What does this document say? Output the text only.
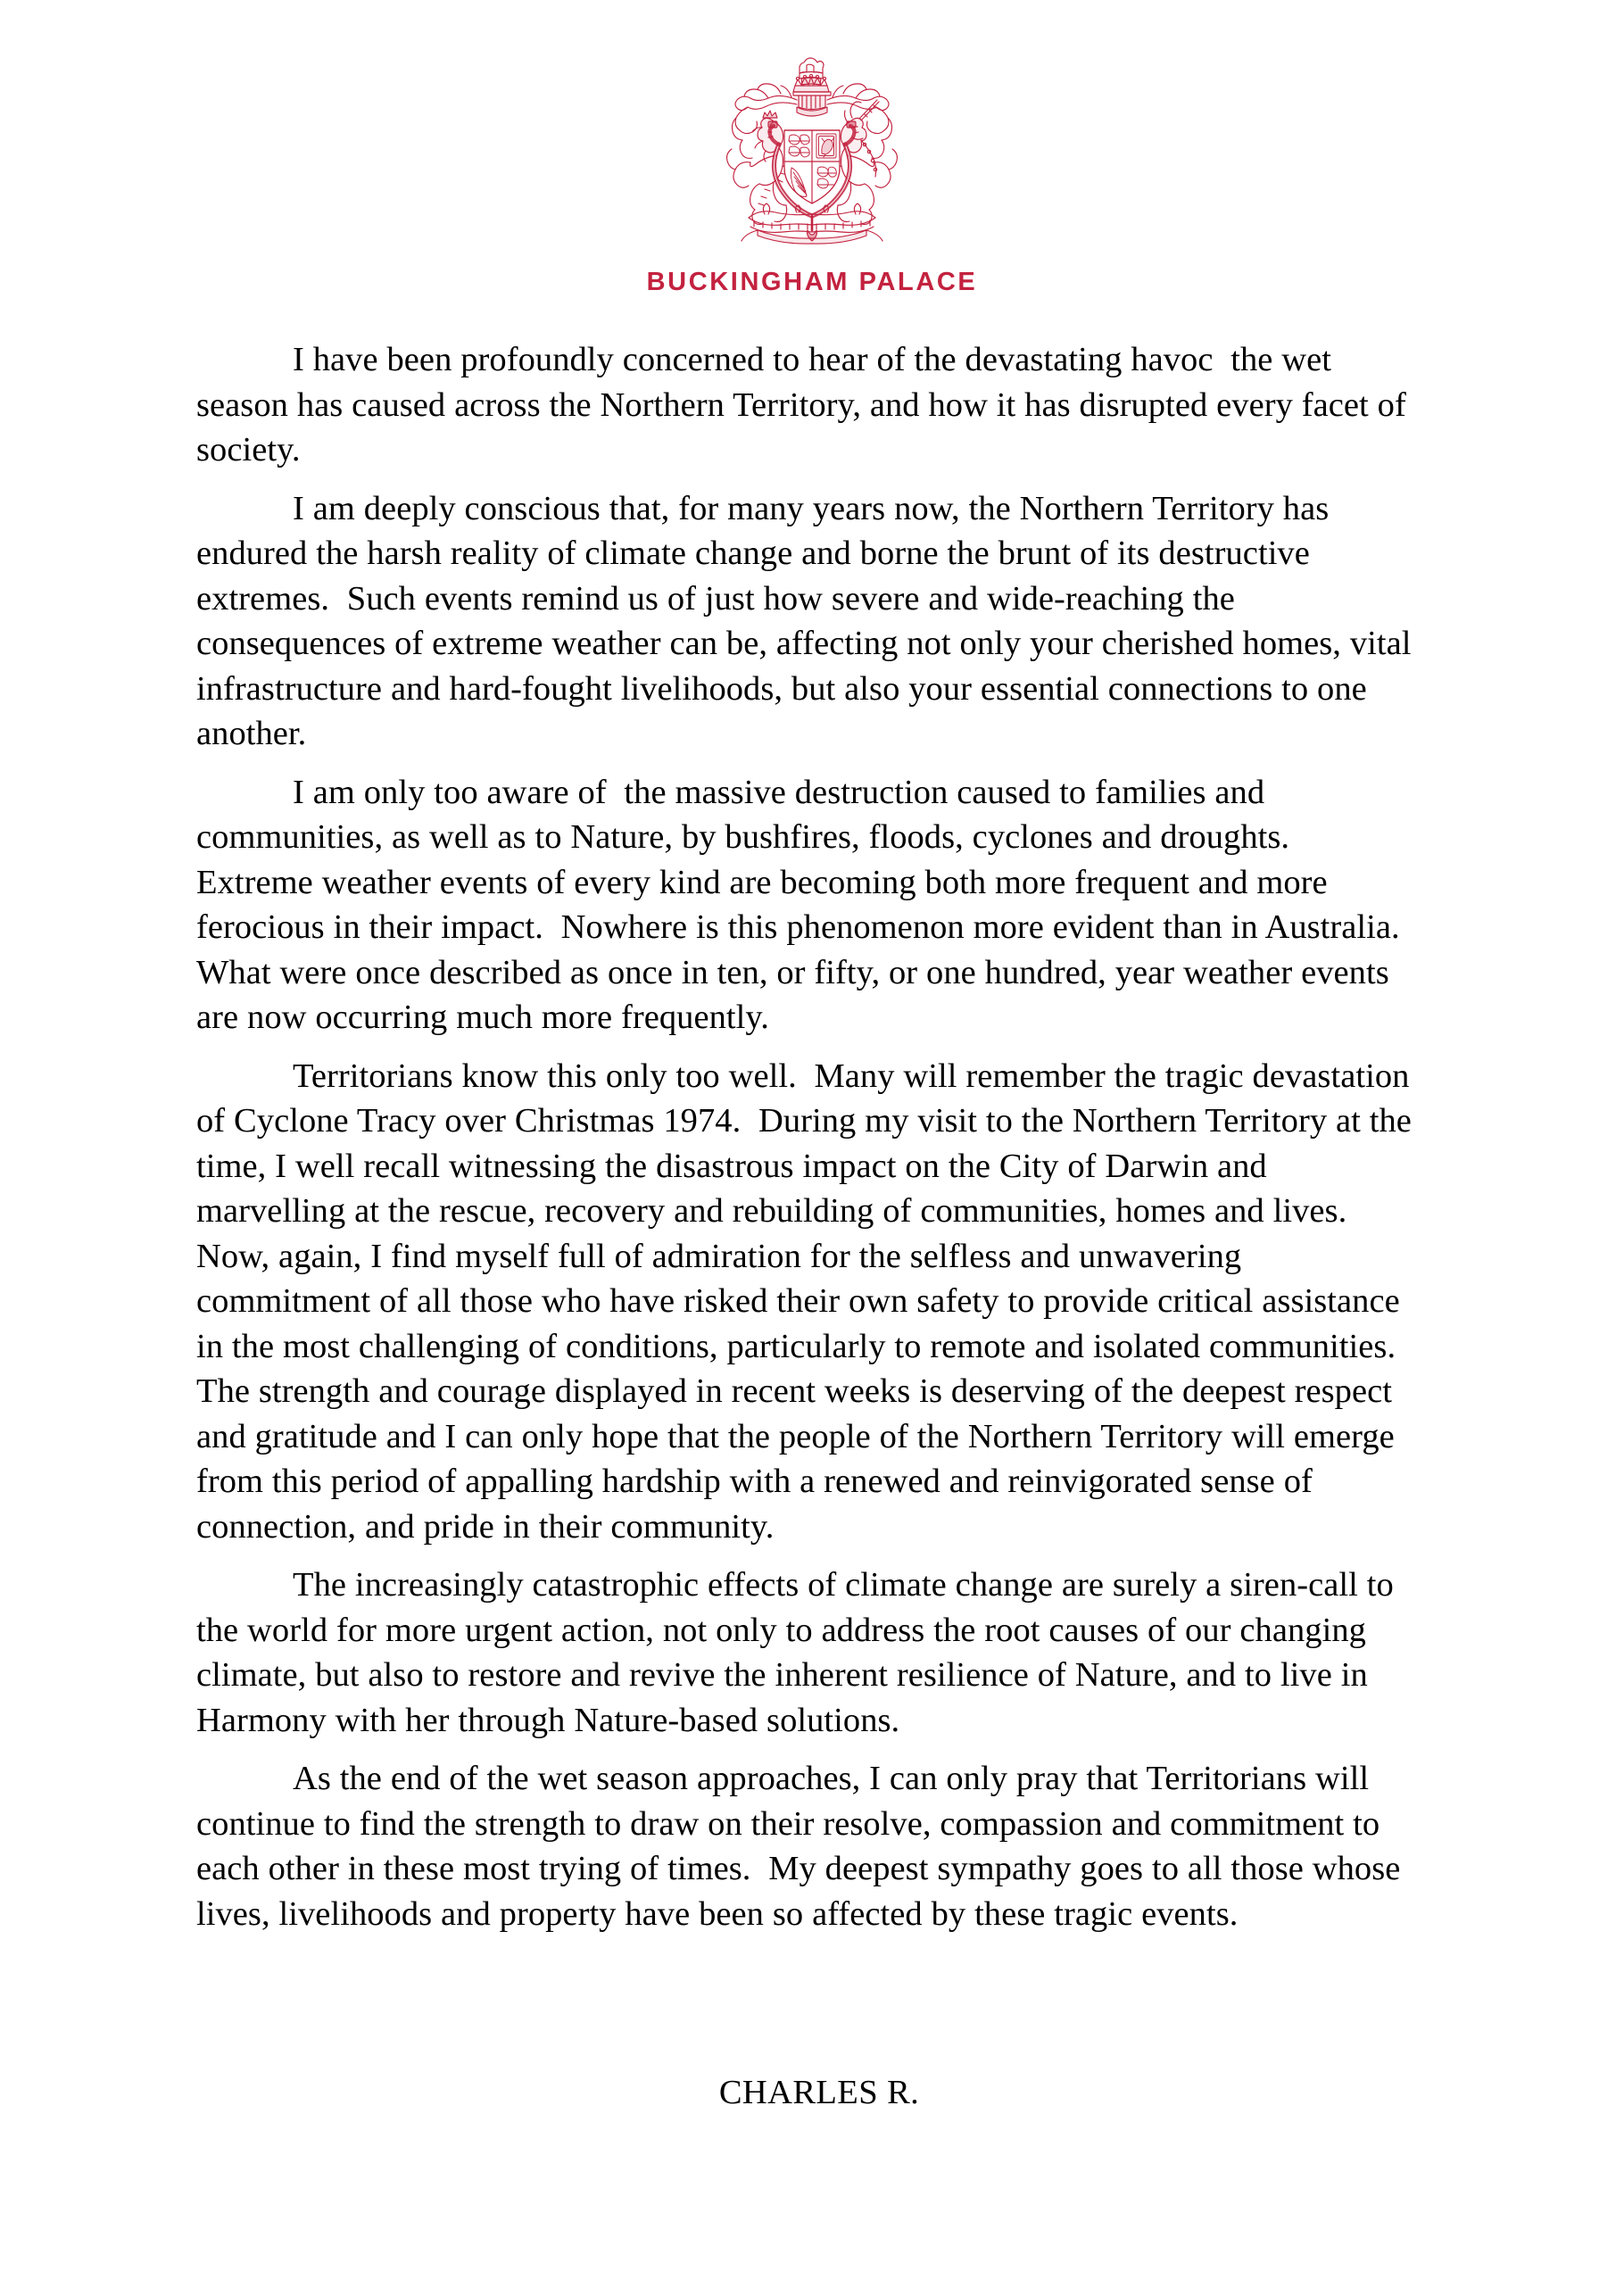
BUCKINGHAM PALACE

I have been profoundly concerned to hear of the devastating havoc  the wet season has caused across the Northern Territory, and how it has disrupted every facet of society.

I am deeply conscious that, for many years now, the Northern Territory has endured the harsh reality of climate change and borne the brunt of its destructive extremes.  Such events remind us of just how severe and wide-reaching the consequences of extreme weather can be, affecting not only your cherished homes, vital infrastructure and hard-fought livelihoods, but also your essential connections to one another.

I am only too aware of  the massive destruction caused to families and communities, as well as to Nature, by bushfires, floods, cyclones and droughts.  Extreme weather events of every kind are becoming both more frequent and more ferocious in their impact.  Nowhere is this phenomenon more evident than in Australia.  What were once described as once in ten, or fifty, or one hundred, year weather events are now occurring much more frequently.

Territorians know this only too well.  Many will remember the tragic devastation of Cyclone Tracy over Christmas 1974.  During my visit to the Northern Territory at the time, I well recall witnessing the disastrous impact on the City of Darwin and marvelling at the rescue, recovery and rebuilding of communities, homes and lives.  Now, again, I find myself full of admiration for the selfless and unwavering commitment of all those who have risked their own safety to provide critical assistance in the most challenging of conditions, particularly to remote and isolated communities.  The strength and courage displayed in recent weeks is deserving of the deepest respect and gratitude and I can only hope that the people of the Northern Territory will emerge from this period of appalling hardship with a renewed and reinvigorated sense of connection, and pride in their community.

The increasingly catastrophic effects of climate change are surely a siren-call to the world for more urgent action, not only to address the root causes of our changing climate, but also to restore and revive the inherent resilience of Nature, and to live in Harmony with her through Nature-based solutions.

As the end of the wet season approaches, I can only pray that Territorians will continue to find the strength to draw on their resolve, compassion and commitment to each other in these most trying of times.  My deepest sympathy goes to all those whose lives, livelihoods and property have been so affected by these tragic events.

CHARLES R.
